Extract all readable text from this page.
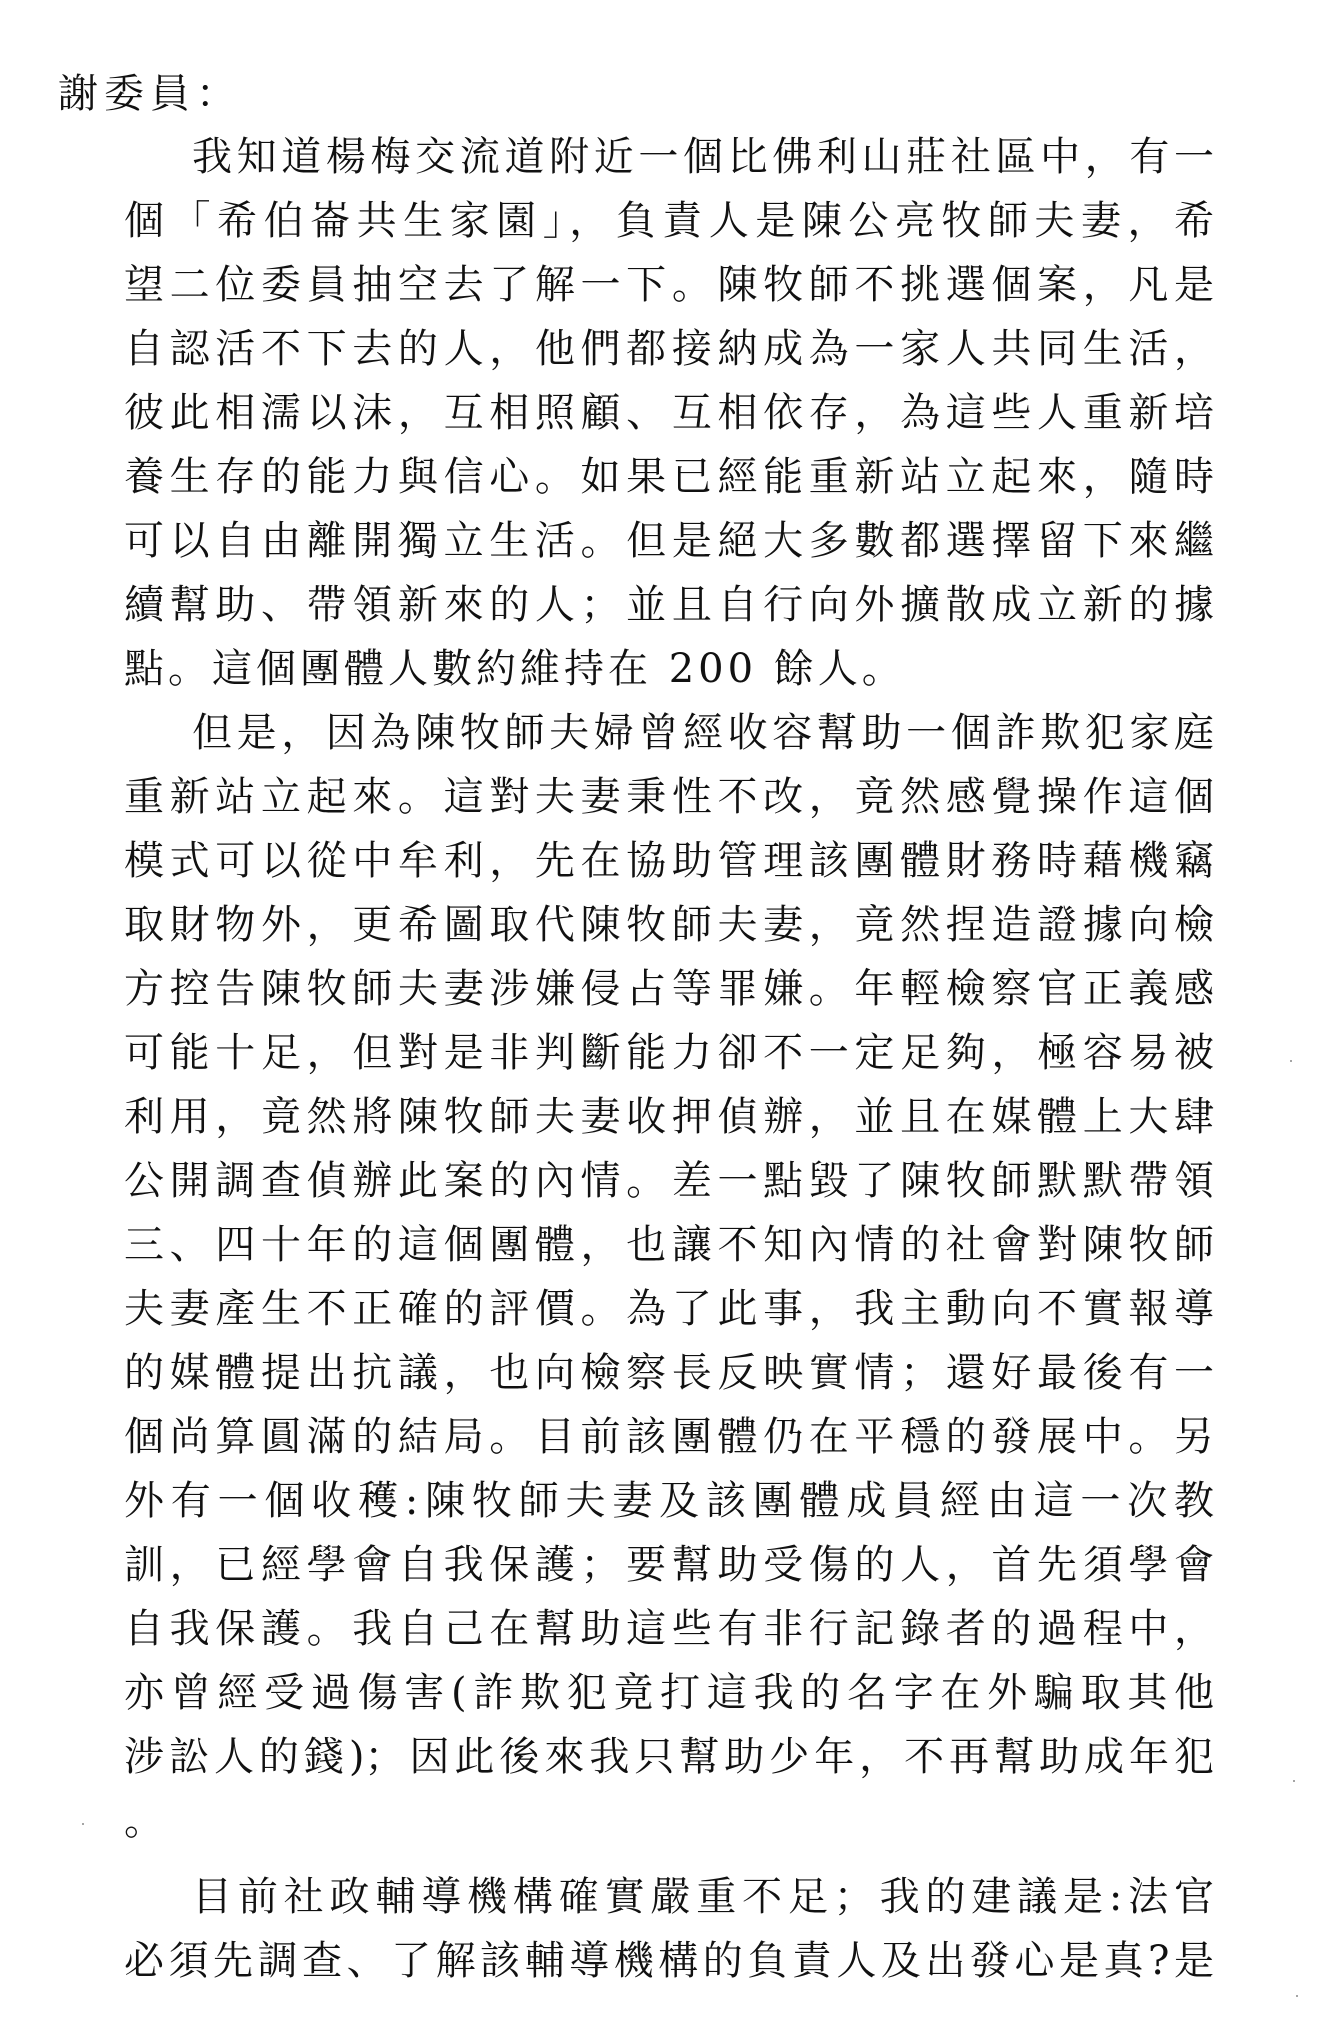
謝委員：
我知道楊梅交流道附近一個比佛利山莊社區中，有一
個「希伯崙共生家園」，負責人是陳公亮牧師夫妻，希
望二位委員抽空去了解一下。陳牧師不挑選個案，凡是
自認活不下去的人，他們都接納成為一家人共同生活，
彼此相濡以沫，互相照顧、互相依存，為這些人重新培
養生存的能力與信心。如果已經能重新站立起來，隨時
可以自由離開獨立生活。但是絕大多數都選擇留下來繼
續幫助、帶領新來的人；並且自行向外擴散成立新的據
點。這個團體人數約維持在 200 餘人。
但是，因為陳牧師夫婦曾經收容幫助一個詐欺犯家庭
重新站立起來。這對夫妻秉性不改，竟然感覺操作這個
模式可以從中牟利，先在協助管理該團體財務時藉機竊
取財物外，更希圖取代陳牧師夫妻，竟然捏造證據向檢
方控告陳牧師夫妻涉嫌侵占等罪嫌。年輕檢察官正義感
可能十足，但對是非判斷能力卻不一定足夠，極容易被
利用，竟然將陳牧師夫妻收押偵辦，並且在媒體上大肆
公開調查偵辦此案的內情。差一點毀了陳牧師默默帶領
三、四十年的這個團體，也讓不知內情的社會對陳牧師
夫妻產生不正確的評價。為了此事，我主動向不實報導
的媒體提出抗議，也向檢察長反映實情；還好最後有一
個尚算圓滿的結局。目前該團體仍在平穩的發展中。另
外有一個收穫:陳牧師夫妻及該團體成員經由這一次教
訓，已經學會自我保護；要幫助受傷的人，首先須學會
自我保護。我自己在幫助這些有非行記錄者的過程中，
亦曾經受過傷害(詐欺犯竟打這我的名字在外騙取其他
涉訟人的錢)；因此後來我只幫助少年，不再幫助成年犯
。
目前社政輔導機構確實嚴重不足；我的建議是:法官
必須先調查、了解該輔導機構的負責人及出發心是真?是
